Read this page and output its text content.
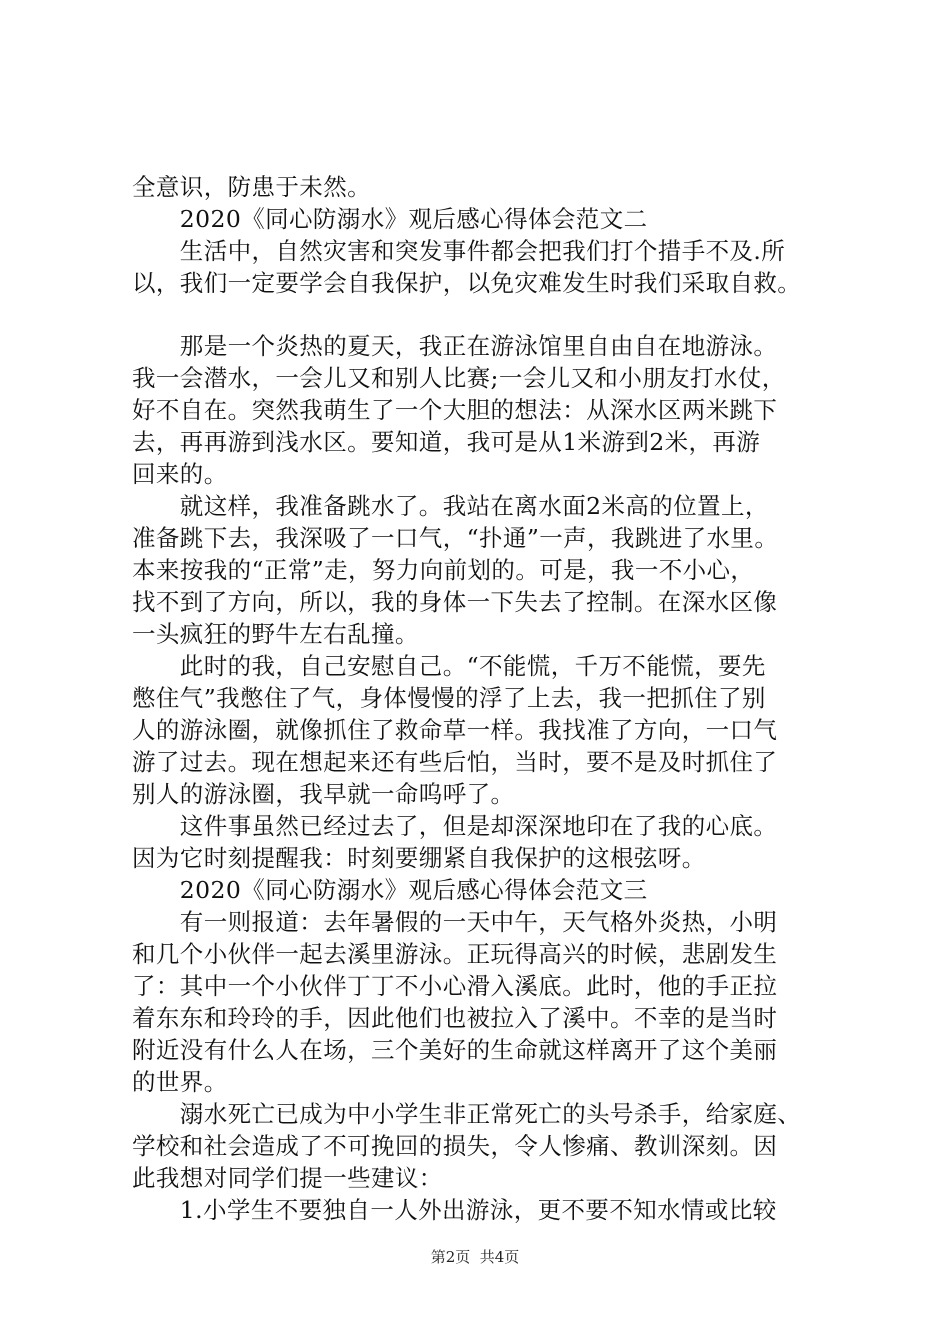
全意识，防患于未然。
　　2020《同心防溺水》观后感心得体会范文二
　　生活中，自然灾害和突发事件都会把我们打个措手不及.所
以，我们一定要学会自我保护，以免灾难发生时我们采取自救。
　　那是一个炎热的夏天，我正在游泳馆里自由自在地游泳。
我一会潜水，一会儿又和别人比赛;一会儿又和小朋友打水仗，
好不自在。突然我萌生了一个大胆的想法：从深水区两米跳下
去，再再游到浅水区。要知道，我可是从1米游到2米，再游
回来的。
　　就这样，我准备跳水了。我站在离水面2米高的位置上，
准备跳下去，我深吸了一口气，“扑通”一声，我跳进了水里。
本来按我的“正常”走，努力向前划的。可是，我一不小心，
找不到了方向，所以，我的身体一下失去了控制。在深水区像
一头疯狂的野牛左右乱撞。
　　此时的我，自己安慰自己。“不能慌，千万不能慌，要先
憋住气”我憋住了气，身体慢慢的浮了上去，我一把抓住了别
人的游泳圈，就像抓住了救命草一样。我找准了方向，一口气
游了过去。现在想起来还有些后怕，当时，要不是及时抓住了
别人的游泳圈，我早就一命呜呼了。
　　这件事虽然已经过去了，但是却深深地印在了我的心底。
因为它时刻提醒我：时刻要绷紧自我保护的这根弦呀。
　　2020《同心防溺水》观后感心得体会范文三
　　有一则报道：去年暑假的一天中午，天气格外炎热，小明
和几个小伙伴一起去溪里游泳。正玩得高兴的时候，悲剧发生
了：其中一个小伙伴丁丁不小心滑入溪底。此时，他的手正拉
着东东和玲玲的手，因此他们也被拉入了溪中。不幸的是当时
附近没有什么人在场，三个美好的生命就这样离开了这个美丽
的世界。
　　溺水死亡已成为中小学生非正常死亡的头号杀手，给家庭、
学校和社会造成了不可挽回的损失，令人惨痛、教训深刻。因
此我想对同学们提一些建议：
　　1.小学生不要独自一人外出游泳，更不要不知水情或比较
第2页  共4页
